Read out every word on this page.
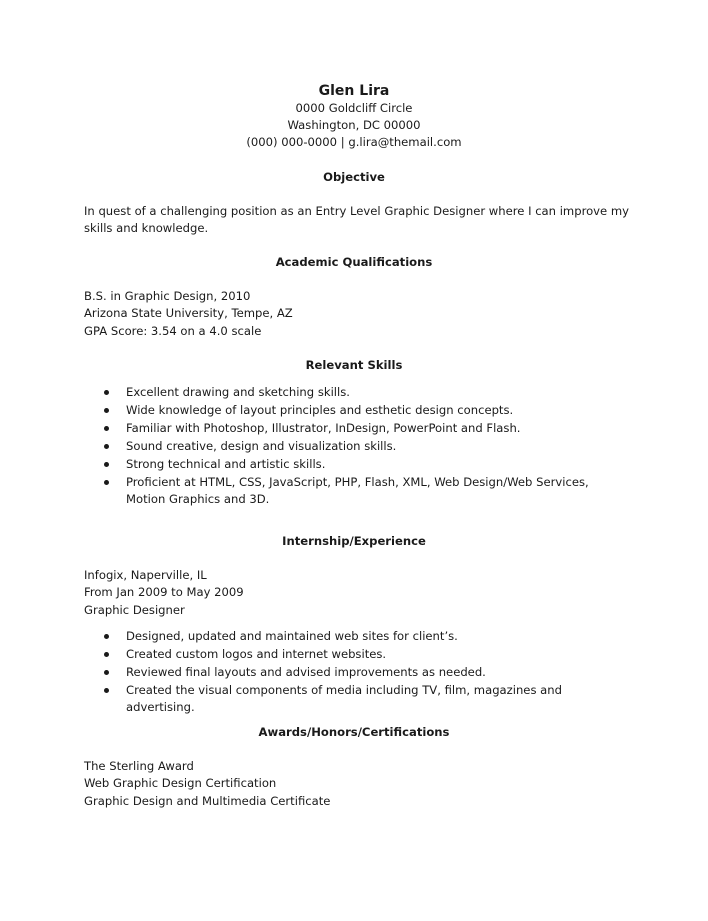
Glen Lira
0000 Goldcliff Circle
Washington, DC 00000
(000) 000-0000 | g.lira@themail.com
Objective
In quest of a challenging position as an Entry Level Graphic Designer where I can improve my skills and knowledge.
Academic Qualifications
B.S. in Graphic Design, 2010
Arizona State University, Tempe, AZ
GPA Score: 3.54 on a 4.0 scale
Relevant Skills
Excellent drawing and sketching skills.
Wide knowledge of layout principles and esthetic design concepts.
Familiar with Photoshop, Illustrator, InDesign, PowerPoint and Flash.
Sound creative, design and visualization skills.
Strong technical and artistic skills.
Proficient at HTML, CSS, JavaScript, PHP, Flash, XML, Web Design/Web Services, Motion Graphics and 3D.
Internship/Experience
Infogix, Naperville, IL
From Jan 2009 to May 2009
Graphic Designer
Designed, updated and maintained web sites for client’s.
Created custom logos and internet websites.
Reviewed final layouts and advised improvements as needed.
Created the visual components of media including TV, film, magazines and advertising.
Awards/Honors/Certifications
The Sterling Award
Web Graphic Design Certification
Graphic Design and Multimedia Certificate
